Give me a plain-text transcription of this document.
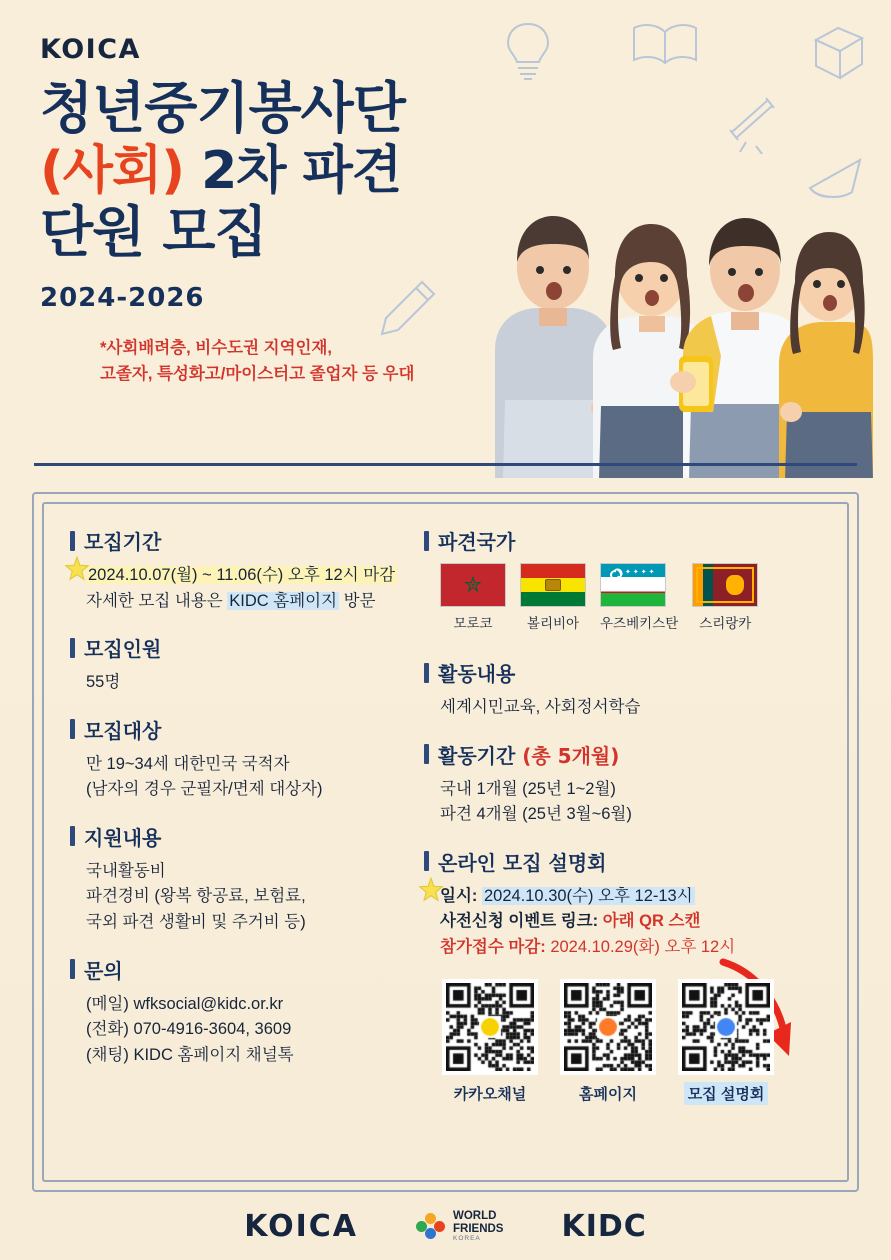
KOICA
청년중기봉사단
(사회) 2차 파견
단원 모집
2024-2026
*사회배려층, 비수도권 지역인재,
고졸자, 특성화고/마이스터고 졸업자 등 우대
모집기간
2024.10.07(월) ~ 11.06(수) 오후 12시 마감
자세한 모집 내용은 KIDC 홈페이지 방문
모집인원
55명
모집대상
만 19~34세 대한민국 국적자
(남자의 경우 군필자/면제 대상자)
지원내용
국내활동비
파견경비 (왕복 항공료, 보험료,
국외 파견 생활비 및 주거비 등)
문의
(메일) wfksocial@kidc.or.kr
(전화) 070-4916-3604, 3609
(채팅) KIDC 홈페이지 채널톡
파견국가
✮
모로코	볼리비아
✦✦✦✦
우즈베키스탄	스리랑카
활동내용
세계시민교육, 사회정서학습
활동기간 (총 5개월)
국내 1개월 (25년 1~2월)
파견 4개월 (25년 3월~6월)
온라인 모집 설명회
일시: 2024.10.30(수) 오후 12-13시
사전신청 이벤트 링크: 아래 QR 스캔
참가접수 마감: 2024.10.29(화) 오후 12시
카카오채널	홈페이지	모집 설명회
KOICA	WORLD
FRIENDS
KOREA	KIDC
